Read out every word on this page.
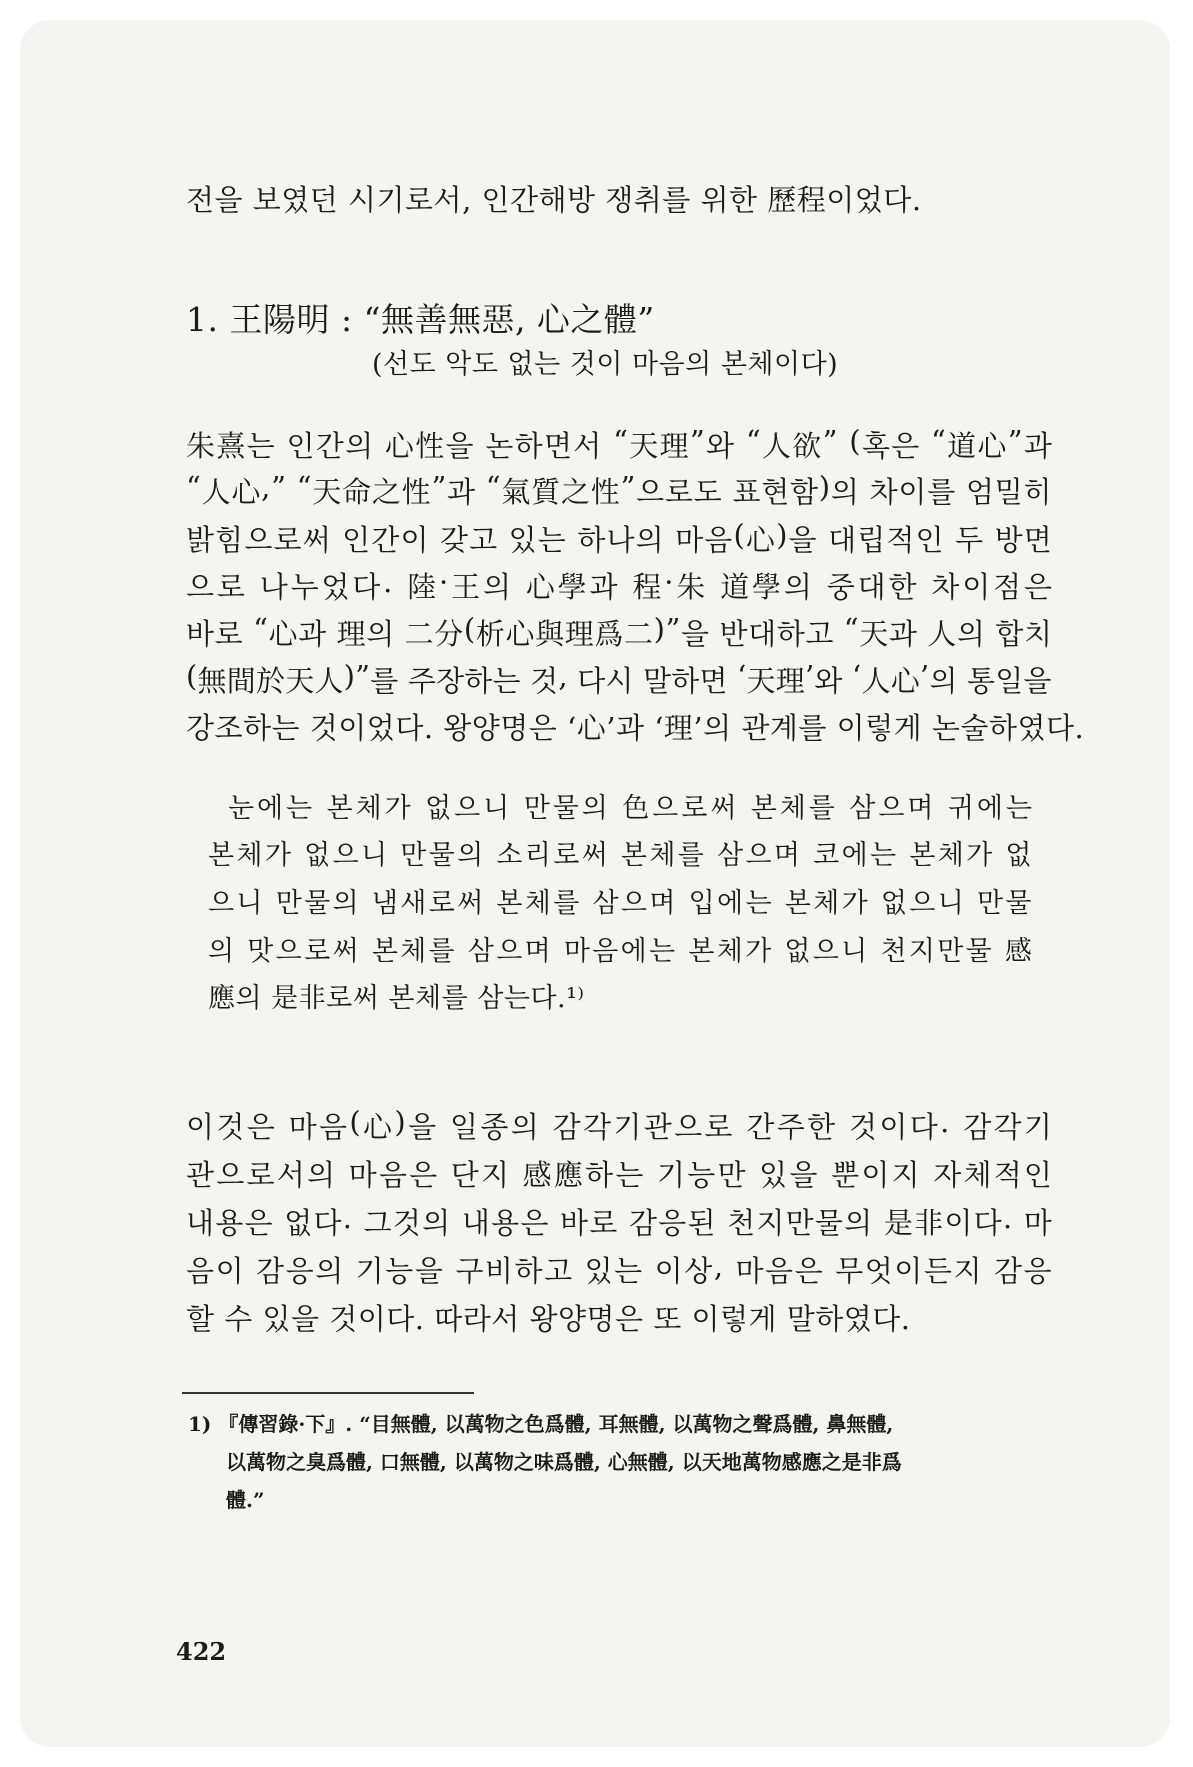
전을 보였던 시기로서, 인간해방 쟁취를 위한 歷程이었다.
1. 王陽明 : “無善無惡, 心之體”
(선도 악도 없는 것이 마음의 본체이다)
朱 熹 는
인 간 의
心 性 을
논 하 면 서
“ 天 理 ” 와
“ 人 欲 ”
( 혹 은
“ 道 心 ” 과
“ 人 心 , ”
“ 天 命 之 性 ” 과
“ 氣 質 之 性 ” 으 로 도
표 현 함 ) 의
차 이 를
엄 밀 히
밝 힘 으 로 써
인 간 이
갖 고
있 는
하 나 의
마 음 ( 心 ) 을
대 립 적 인
두
방 면
으 로
나 누 었 다 .
陸 · 王 의
心 學 과
程 · 朱
道 學 의
중 대 한
차 이 점 은
바 로
“ 心 과
理 의
二 分 ( 析 心 與 理 爲 二 ) ” 을
반 대 하 고
“ 天 과
人 의
합 치
( 無 間 於 天 人 ) ” 를
주 장 하 는
것 ,
다 시
말 하 면
‘ 天 理 ’ 와
‘ 人 心 ’ 의
통 일 을
강조하는 것이었다. 왕양명은 ‘心’과 ‘理’의 관계를 이렇게 논술하였다.
눈 에 는
본 체 가
없 으 니
만 물 의
色 으 로 써
본 체 를
삼 으 며
귀 에 는
본 체 가
없 으 니
만 물 의
소 리 로 써
본 체 를
삼 으 며
코 에 는
본 체 가
없
으 니
만 물 의
냄 새 로 써
본 체 를
삼 으 며
입 에 는
본 체 가
없 으 니
만 물
의
맛 으 로 써
본 체 를
삼 으 며
마 음 에 는
본 체 가
없 으 니
천 지 만 물
感
應의 是非로써 본체를 삼는다.¹⁾
이 것 은
마 음 ( 心 ) 을
일 종 의
감 각 기 관 으 로
간 주 한
것 이 다 .
감 각 기
관 으 로 서 의
마 음 은
단 지
感 應 하 는
기 능 만
있 을
뿐 이 지
자 체 적 인
내 용 은
없 다 .
그 것 의
내 용 은
바 로
감 응 된
천 지 만 물 의
是 非 이 다 .
마
음 이
감 응 의
기 능 을
구 비 하 고
있 는
이 상 ,
마 음 은
무 엇 이 든 지
감 응
할 수 있을 것이다. 따라서 왕양명은 또 이렇게 말하였다.
1) 『傳習錄·下』. “目無體, 以萬物之色爲體, 耳無體, 以萬物之聲爲體, 鼻無體,
以萬物之臭爲體, 口無體, 以萬物之味爲體, 心無體, 以天地萬物感應之是非爲
體.”
422
